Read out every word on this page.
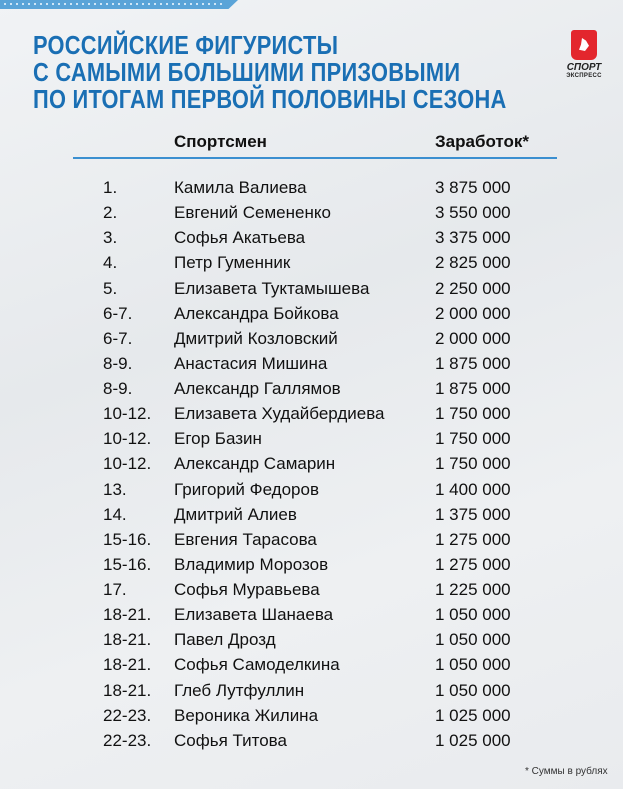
РОССИЙСКИЕ ФИГУРИСТЫ
С САМЫМИ БОЛЬШИМИ ПРИЗОВЫМИ
ПО ИТОГАМ ПЕРВОЙ ПОЛОВИНЫ СЕЗОНА
СПОРТ
ЭКСПРЕСС
Спортсмен	Заработок*
1.	Камила Валиева	3 875 000
2.	Евгений Семененко	3 550 000
3.	Софья Акатьева	3 375 000
4.	Петр Гуменник	2 825 000
5.	Елизавета Туктамышева	2 250 000
6-7. Александра Бойкова	2 000 000
6-7. Дмитрий Козловский	2 000 000
8-9. Анастасия Мишина	1 875 000
8-9. Александр Галлямов	1 875 000
10-12. Елизавета Худайбердиева	1 750 000
10-12. Егор Базин	1 750 000
10-12. Александр Самарин	1 750 000
13.	Григорий Федоров	1 400 000
14.	Дмитрий Алиев	1 375 000
15-16. Евгения Тарасова	1 275 000
15-16. Владимир Морозов	1 275 000
17.	Софья Муравьева	1 225 000
18-21. Елизавета Шанаева	1 050 000
18-21. Павел Дрозд	1 050 000
18-21. Софья Самоделкина	1 050 000
18-21. Глеб Лутфуллин	1 050 000
22-23. Вероника Жилина	1 025 000
22-23. Софья Титова	1 025 000
* Суммы в рублях
